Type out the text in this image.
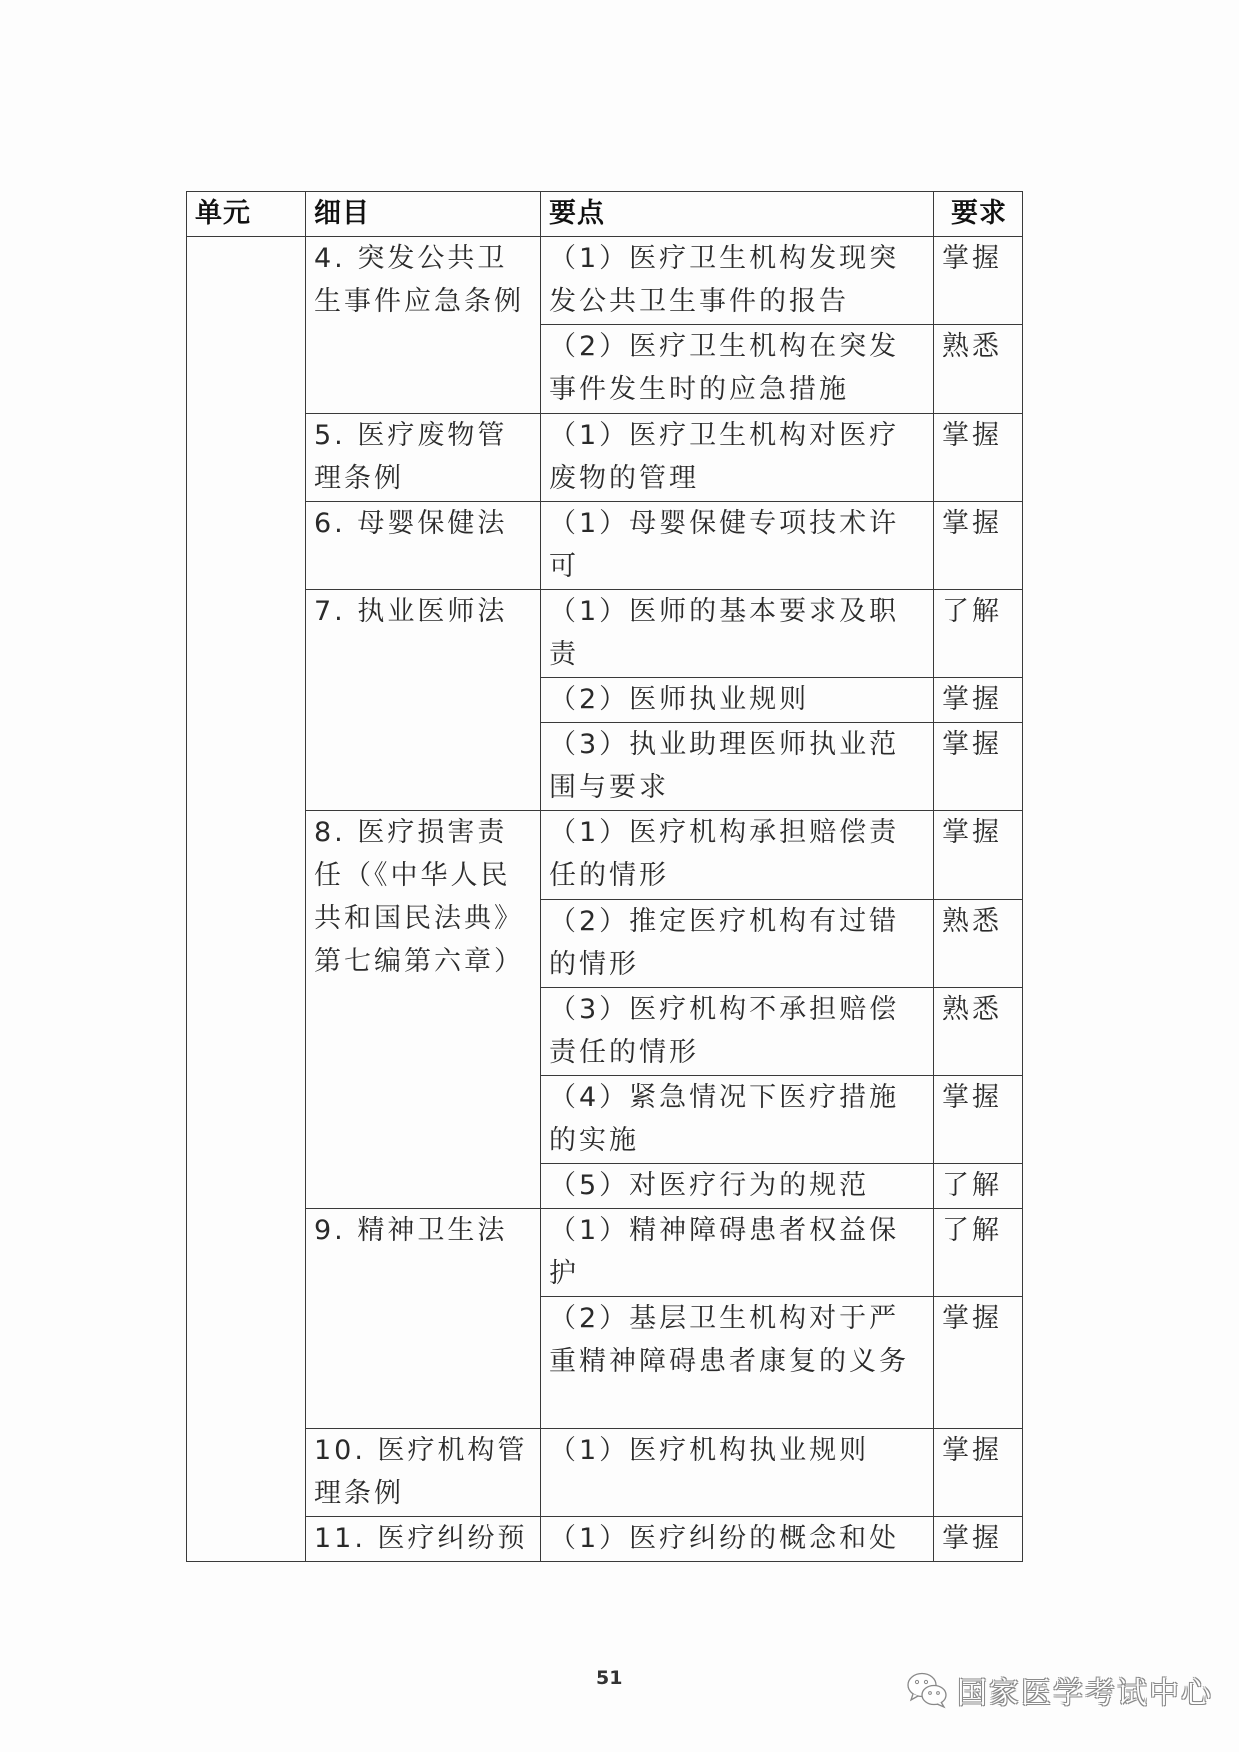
单元	细目	要点	要求
	4. 突发公共卫生事件应急条例	（1）医疗卫生机构发现突发公共卫生事件的报告	掌握
		（2）医疗卫生机构在突发事件发生时的应急措施	熟悉
	5. 医疗废物管理条例	（1）医疗卫生机构对医疗废物的管理	掌握
	6. 母婴保健法	（1）母婴保健专项技术许可	掌握
	7. 执业医师法	（1）医师的基本要求及职责	了解
		（2）医师执业规则	掌握
		（3）执业助理医师执业范围与要求	掌握
	8. 医疗损害责任（《中华人民共和国民法典》第七编第六章）	（1）医疗机构承担赔偿责任的情形	掌握
		（2）推定医疗机构有过错的情形	熟悉
		（3）医疗机构不承担赔偿责任的情形	熟悉
		（4）紧急情况下医疗措施的实施	掌握
		（5）对医疗行为的规范	了解
	9. 精神卫生法	（1）精神障碍患者权益保护	了解
		（2）基层卫生机构对于严重精神障碍患者康复的义务	掌握
	10. 医疗机构管理条例	（1）医疗机构执业规则	掌握
	11. 医疗纠纷预	（1）医疗纠纷的概念和处	掌握
51	国家医学考试中心
